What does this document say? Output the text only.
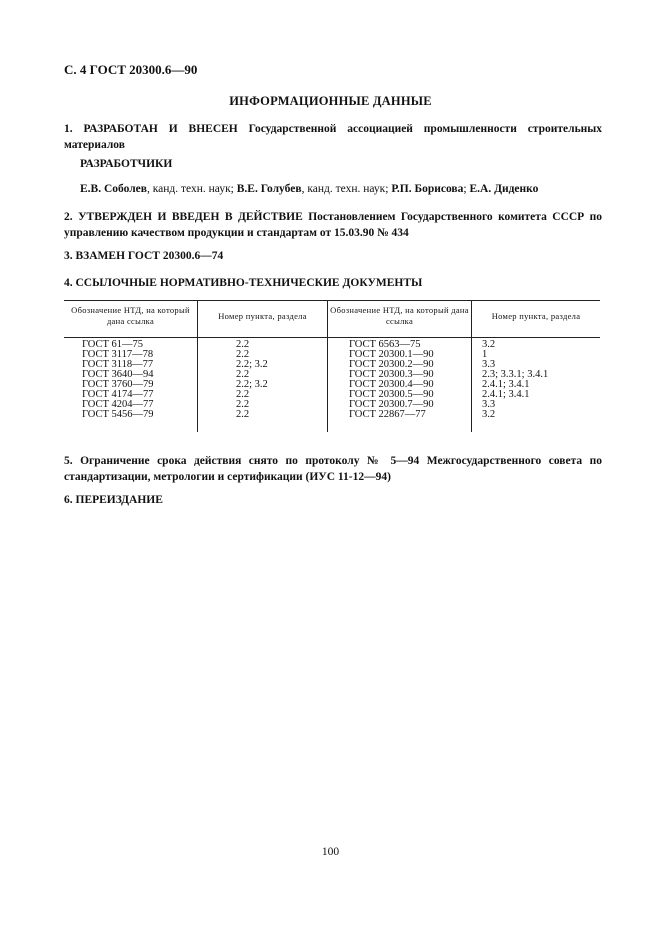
С. 4 ГОСТ 20300.6—90
ИНФОРМАЦИОННЫЕ ДАННЫЕ
1. РАЗРАБОТАН И ВНЕСЕН Государственной ассоциацией промышленности строительных материалов
РАЗРАБОТЧИКИ
Е.В. Соболев, канд. техн. наук; В.Е. Голубев, канд. техн. наук; Р.П. Борисова; Е.А. Диденко
2. УТВЕРЖДЕН И ВВЕДЕН В ДЕЙСТВИЕ Постановлением Государственного комитета СССР по управлению качеством продукции и стандартам от 15.03.90 № 434
3. ВЗАМЕН ГОСТ 20300.6—74
4. ССЫЛОЧНЫЕ НОРМАТИВНО-ТЕХНИЧЕСКИЕ ДОКУМЕНТЫ
Обозначение НТД, на который дана ссылка	Номер пункта, раздела
Обозначение НТД, на который дана ссылка	Номер пункта, раздела
ГОСТ 61—75
ГОСТ 3117—78
ГОСТ 3118—77
ГОСТ 3640—94
ГОСТ 3760—79
ГОСТ 4174—77
ГОСТ 4204—77
ГОСТ 5456—79
2.2
2.2
2.2; 3.2
2.2
2.2; 3.2
2.2
2.2
2.2
ГОСТ 6563—75
ГОСТ 20300.1—90
ГОСТ 20300.2—90
ГОСТ 20300.3—90
ГОСТ 20300.4—90
ГОСТ 20300.5—90
ГОСТ 20300.7—90
ГОСТ 22867—77
3.2
1
3.3
2.3; 3.3.1; 3.4.1
2.4.1; 3.4.1
2.4.1; 3.4.1
3.3
3.2
5. Ограничение срока действия снято по протоколу № 5—94 Межгосударственного совета по стандартизации, метрологии и сертификации (ИУС 11-12—94)
6. ПЕРЕИЗДАНИЕ
100
